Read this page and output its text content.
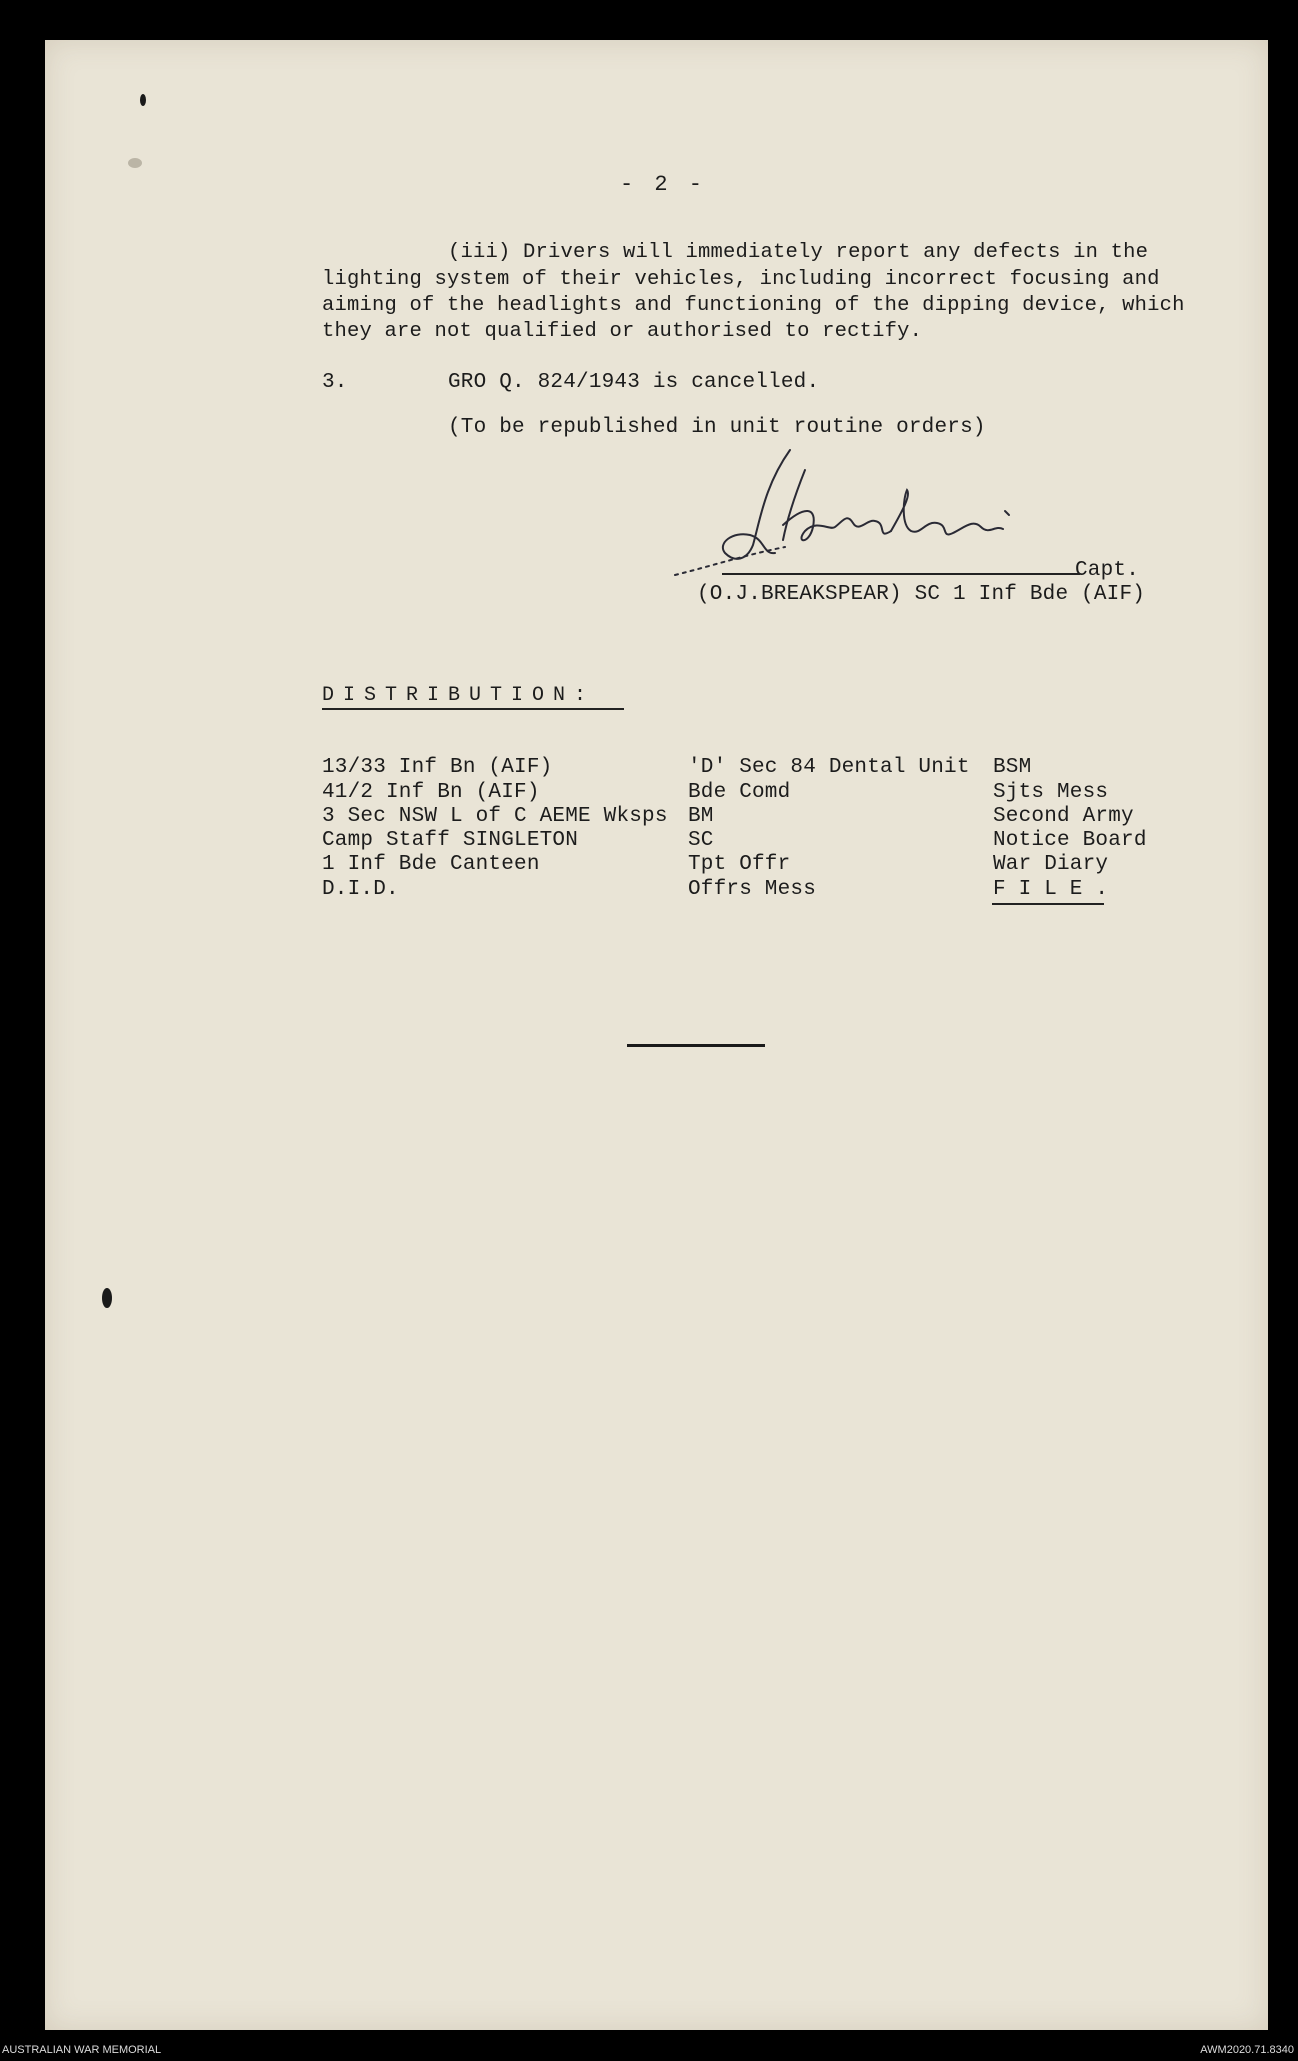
- 2 -
(iii) Drivers will immediately report any defects in the
lighting system of their vehicles, including incorrect focusing and
aiming of the headlights and functioning of the dipping device, which
they are not qualified or authorised to rectify.
3.	GRO Q. 824/1943 is cancelled.
(To be republished in unit routine orders)
Capt.
(O.J.BREAKSPEAR) SC 1 Inf Bde (AIF)
DISTRIBUTION:
13/33 Inf Bn (AIF)
41/2 Inf Bn (AIF)
3 Sec NSW L of C AEME Wksps
Camp Staff SINGLETON
1 Inf Bde Canteen
D.I.D.
'D' Sec 84 Dental Unit
Bde Comd
BM
SC
Tpt Offr
Offrs Mess
BSM
Sjts Mess
Second Army
Notice Board
War Diary
F I L E .
AUSTRALIAN WAR MEMORIAL	AWM2020.71.8340
